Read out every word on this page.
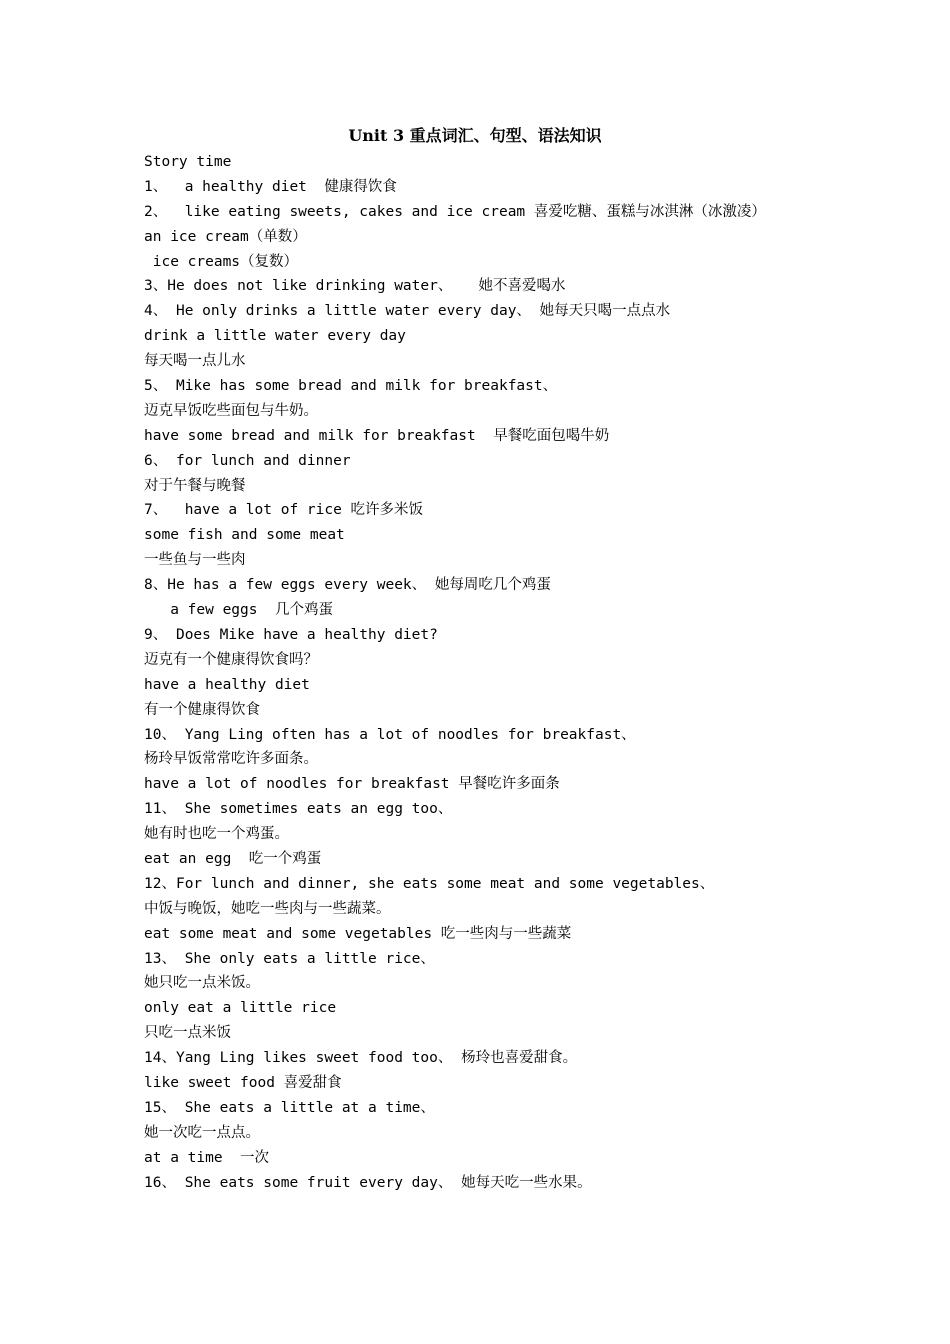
Unit 3 重点词汇、句型、语法知识
Story time
1、  a healthy diet  健康得饮食
2、  like eating sweets, cakes and ice cream 喜爱吃糖、蛋糕与冰淇淋（冰激凌）
an ice cream（单数）
ice creams（复数）
3、He does not like drinking water、   她不喜爱喝水
4、 He only drinks a little water every day、 她每天只喝一点点水
drink a little water every day
每天喝一点儿水
5、 Mike has some bread and milk for breakfast、
迈克早饭吃些面包与牛奶。
have some bread and milk for breakfast  早餐吃面包喝牛奶
6、 for lunch and dinner
对于午餐与晚餐
7、  have a lot of rice 吃许多米饭
some fish and some meat
一些鱼与一些肉
8、He has a few eggs every week、 她每周吃几个鸡蛋
a few eggs  几个鸡蛋
9、 Does Mike have a healthy diet?
迈克有一个健康得饮食吗？
have a healthy diet
有一个健康得饮食
10、 Yang Ling often has a lot of noodles for breakfast、
杨玲早饭常常吃许多面条。
have a lot of noodles for breakfast 早餐吃许多面条
11、 She sometimes eats an egg too、
她有时也吃一个鸡蛋。
eat an egg  吃一个鸡蛋
12、For lunch and dinner, she eats some meat and some vegetables、
中饭与晚饭，她吃一些肉与一些蔬菜。
eat some meat and some vegetables 吃一些肉与一些蔬菜
13、 She only eats a little rice、
她只吃一点米饭。
only eat a little rice
只吃一点米饭
14、Yang Ling likes sweet food too、 杨玲也喜爱甜食。
like sweet food 喜爱甜食
15、 She eats a little at a time、
她一次吃一点点。
at a time  一次
16、 She eats some fruit every day、 她每天吃一些水果。
